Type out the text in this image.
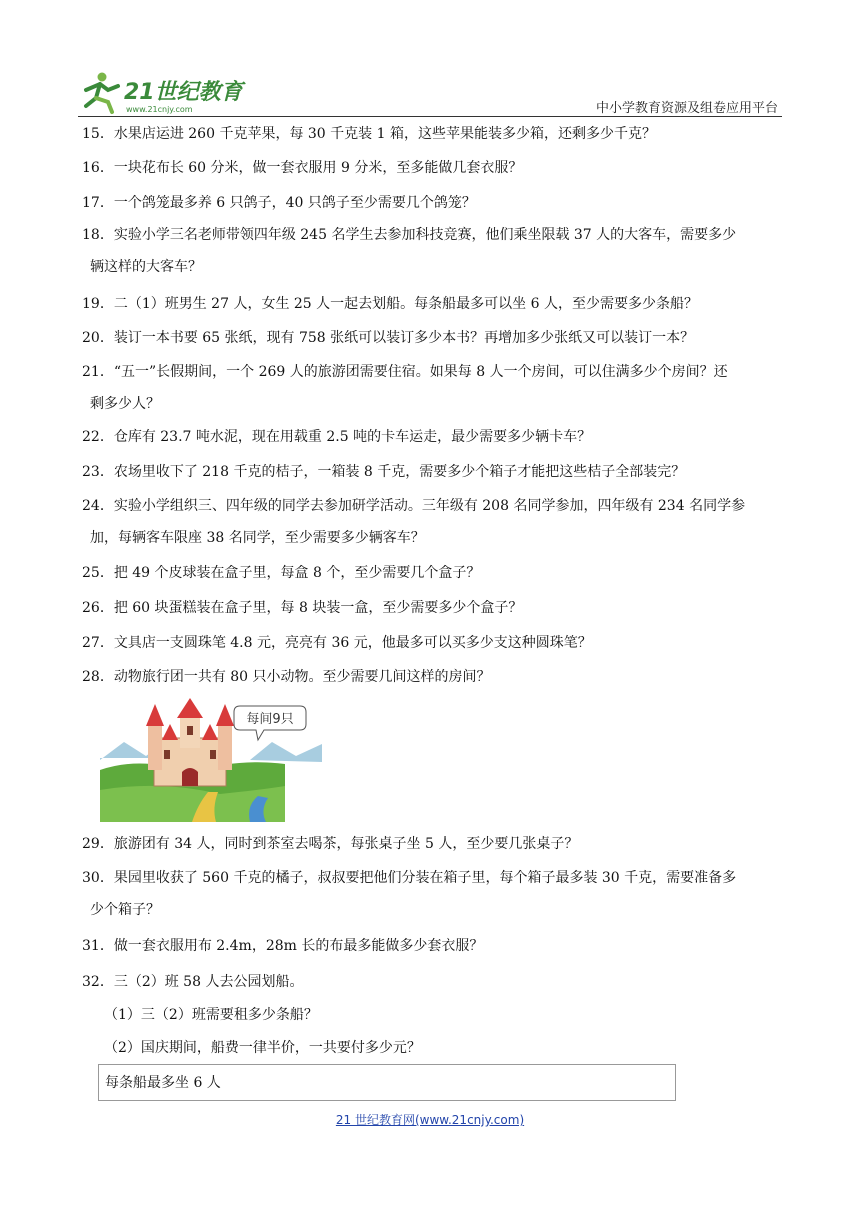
21世纪教育
www.21cnjy.com	中小学教育资源及组卷应用平台

15．水果店运进 260 千克苹果，每 30 千克装 1 箱，这些苹果能装多少箱，还剩多少千克？

16．一块花布长 60 分米，做一套衣服用 9 分米，至多能做几套衣服？

17．一个鸽笼最多养 6 只鸽子，40 只鸽子至少需要几个鸽笼？

18．实验小学三名老师带领四年级 245 名学生去参加科技竞赛，他们乘坐限载 37 人的大客车，需要多少
辆这样的大客车？

19．二（1）班男生 27 人，女生 25 人一起去划船。每条船最多可以坐 6 人，至少需要多少条船？

20．装订一本书要 65 张纸，现有 758 张纸可以装订多少本书？再增加多少张纸又可以装订一本？

21．“五一”长假期间，一个 269 人的旅游团需要住宿。如果每 8 人一个房间，可以住满多少个房间？还
剩多少人？

22．仓库有 23.7 吨水泥，现在用载重 2.5 吨的卡车运走，最少需要多少辆卡车？

23．农场里收下了 218 千克的桔子，一箱装 8 千克，需要多少个箱子才能把这些桔子全部装完？

24．实验小学组织三、四年级的同学去参加研学活动。三年级有 208 名同学参加，四年级有 234 名同学参
加，每辆客车限座 38 名同学，至少需要多少辆客车？

25．把 49 个皮球装在盒子里，每盒 8 个，至少需要几个盒子？

26．把 60 块蛋糕装在盒子里，每 8 块装一盒，至少需要多少个盒子？

27．文具店一支圆珠笔 4.8 元，亮亮有 36 元，他最多可以买多少支这种圆珠笔？

28．动物旅行团一共有 80 只小动物。至少需要几间这样的房间？

29．旅游团有 34 人，同时到茶室去喝茶，每张桌子坐 5 人，至少要几张桌子？

30．果园里收获了 560 千克的橘子，叔叔要把他们分装在箱子里，每个箱子最多装 30 千克，需要准备多
少个箱子？

31．做一套衣服用布 2.4m，28m 长的布最多能做多少套衣服？

32．三（2）班 58 人去公园划船。

每间9只

（1）三（2）班需要租多少条船？

（2）国庆期间，船费一律半价，一共要付多少元？

每条船最多坐 6 人
21 世纪教育网(www.21cnjy.com)
